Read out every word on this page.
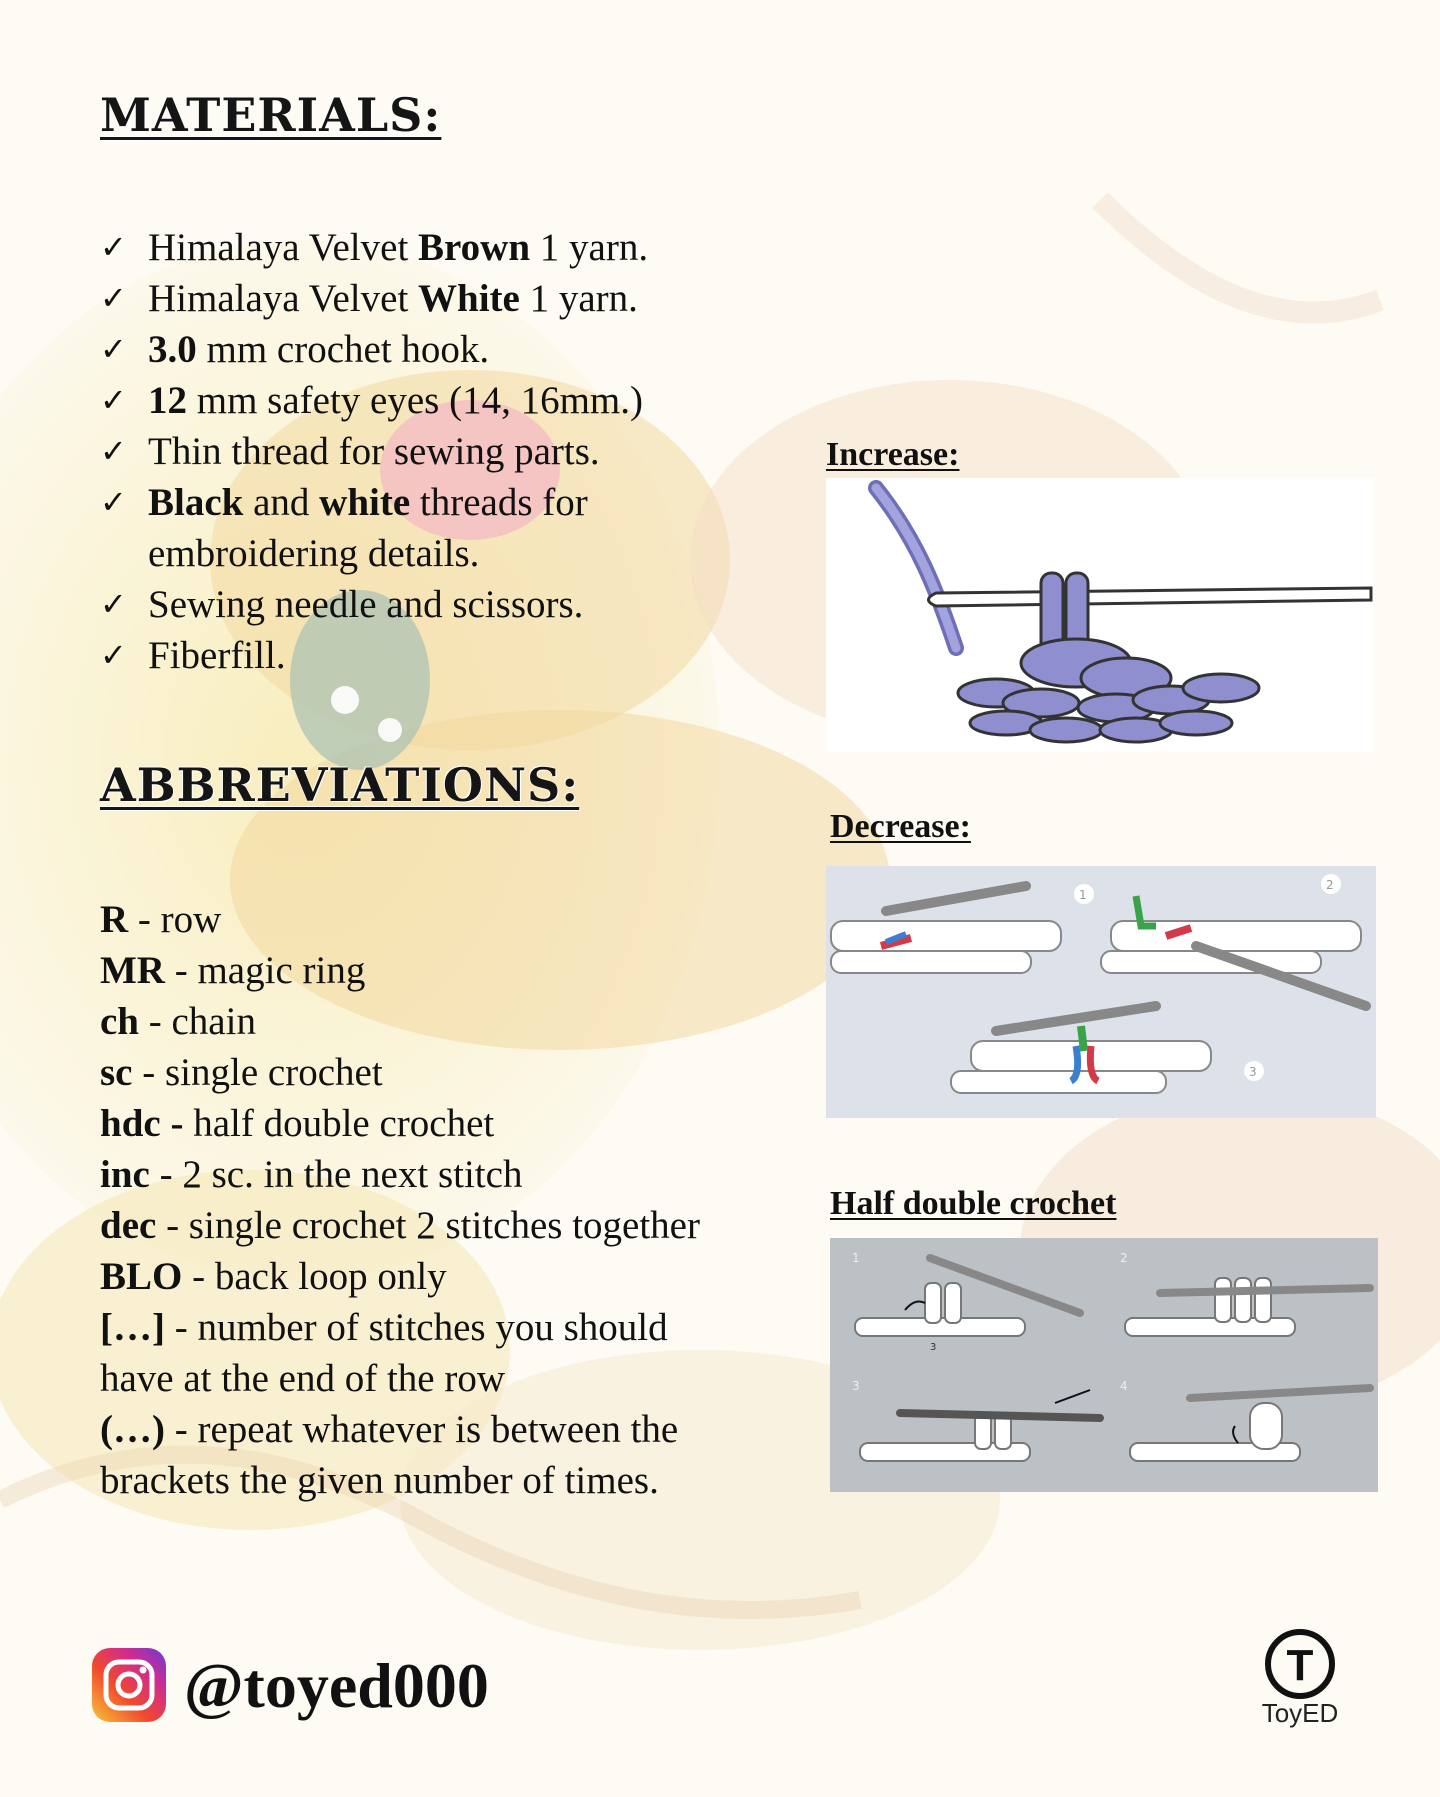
MATERIALS:
✓ Himalaya Velvet Brown 1 yarn.
✓ Himalaya Velvet White 1 yarn.
✓ 3.0 mm crochet hook.
✓ 12 mm safety eyes (14, 16mm.)
✓ Thin thread for sewing parts.
✓ Black and white threads for embroidering details.
✓ Sewing needle and scissors.
✓ Fiberfill.
ABBREVIATIONS:
R - row
MR - magic ring
ch - chain
sc - single crochet
hdc - half double crochet
inc - 2 sc. in the next stitch
dec - single crochet 2 stitches together
BLO - back loop only
[…] - number of stitches you should have at the end of the row
(…) - repeat whatever is between the brackets the given number of times.
Increase:
Decrease:
1
2
3
Half double crochet
1	2
3	4
3
@toyed000	T
ToyED
